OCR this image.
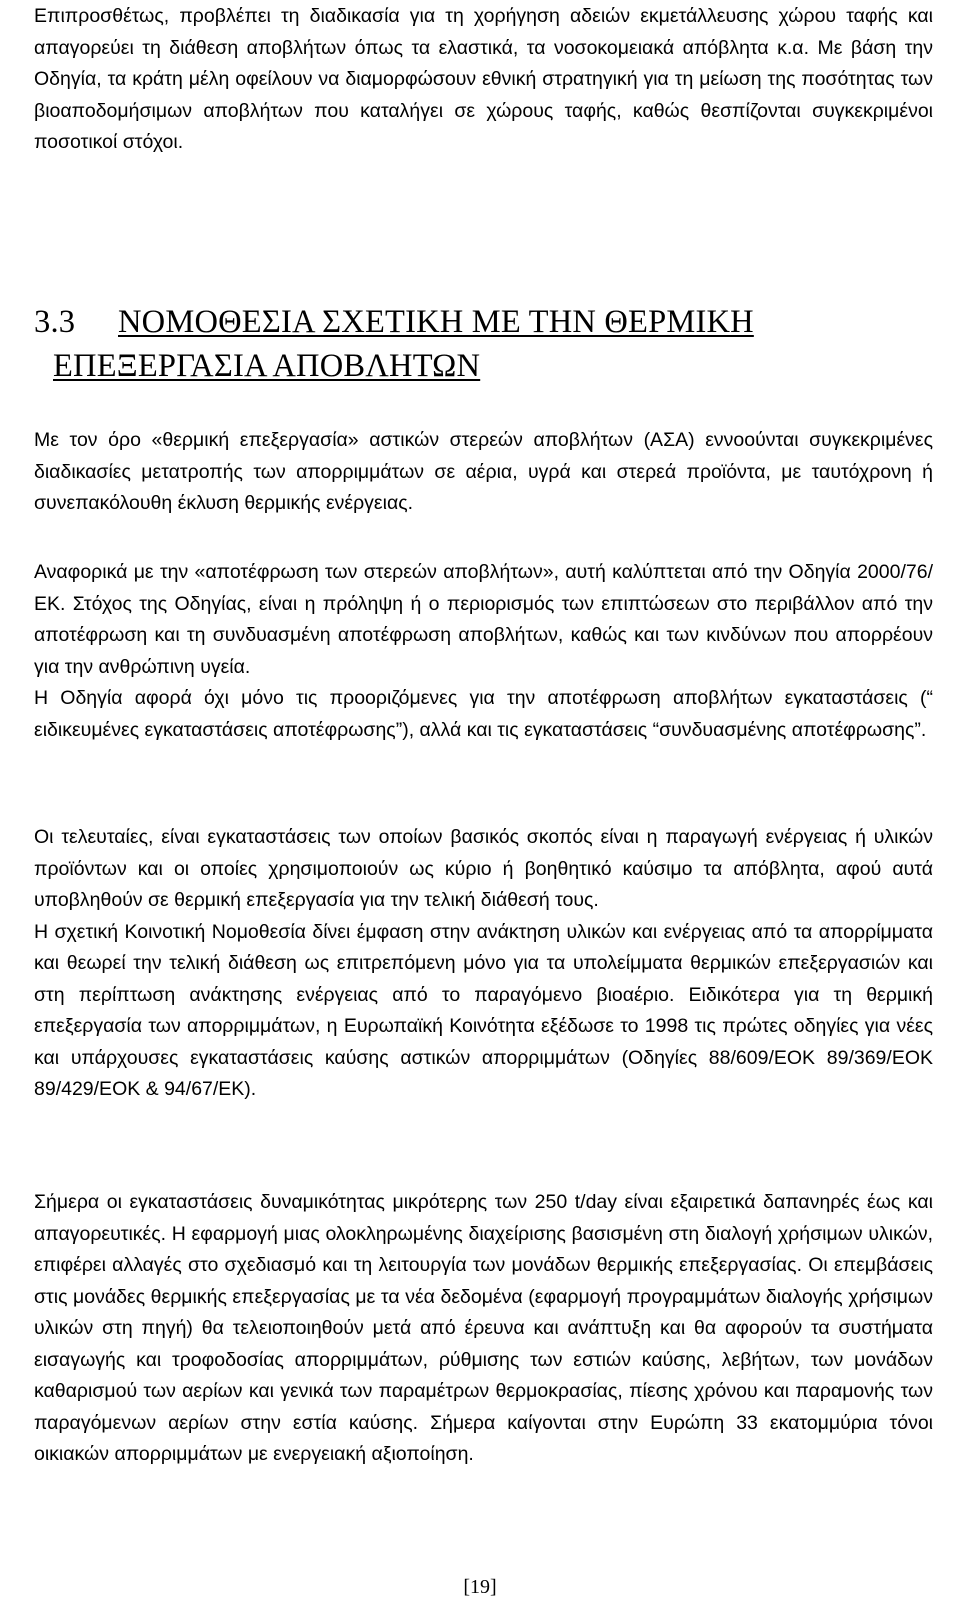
Επιπροσθέτως, προβλέπει τη διαδικασία για τη χορήγηση αδειών εκμετάλλευσης χώρου ταφής και απαγορεύει τη διάθεση αποβλήτων όπως τα ελαστικά, τα νοσοκομειακά απόβλητα κ.α. Με βάση την Οδηγία, τα κράτη μέλη οφείλουν να διαμορφώσουν εθνική στρατηγική για τη μείωση της ποσότητας των βιοαποδομήσιμων αποβλήτων που καταλήγει σε χώρους ταφής, καθώς θεσπίζονται συγκεκριμένοι ποσοτικοί στόχοι.

3.3 ΝΟΜΟΘΕΣΙΑ ΣΧΕΤΙΚΗ ΜΕ ΤΗΝ ΘΕΡΜΙΚΗ
ΕΠΕΞΕΡΓΑΣΙΑ ΑΠΟΒΛΗΤΩΝ

Με τον όρο «θερμική επεξεργασία» αστικών στερεών αποβλήτων (ΑΣΑ) εννοούνται συγκεκριμένες διαδικασίες μετατροπής των απορριμμάτων σε αέρια, υγρά και στερεά προϊόντα, με ταυτόχρονη ή συνεπακόλουθη έκλυση θερμικής ενέργειας.

Αναφορικά με την «αποτέφρωση των στερεών αποβλήτων», αυτή καλύπτεται από την Οδηγία 2000/76/ΕΚ. Στόχος της Οδηγίας, είναι η πρόληψη ή ο περιορισμός των επιπτώσεων στο περιβάλλον από την αποτέφρωση και τη συνδυασμένη αποτέφρωση αποβλήτων, καθώς και των κινδύνων που απορρέουν για την ανθρώπινη υγεία.

Η Οδηγία αφορά όχι μόνο τις προοριζόμενες για την αποτέφρωση αποβλήτων εγκαταστάσεις (“ ειδικευμένες εγκαταστάσεις αποτέφρωσης”), αλλά και τις εγκαταστάσεις “συνδυασμένης αποτέφρωσης”.

Οι τελευταίες, είναι εγκαταστάσεις των οποίων βασικός σκοπός είναι η παραγωγή ενέργειας ή υλικών προϊόντων και οι οποίες χρησιμοποιούν ως κύριο ή βοηθητικό καύσιμο τα απόβλητα, αφού αυτά υποβληθούν σε θερμική επεξεργασία για την τελική διάθεσή τους.

Η σχετική Κοινοτική Νομοθεσία δίνει έμφαση στην ανάκτηση υλικών και ενέργειας από τα απορρίμματα και θεωρεί την τελική διάθεση ως επιτρεπόμενη μόνο για τα υπολείμματα θερμικών επεξεργασιών και στη περίπτωση ανάκτησης ενέργειας από το παραγόμενο βιοαέριο. Ειδικότερα για τη θερμική επεξεργασία των απορριμμάτων, η Ευρωπαϊκή Κοινότητα εξέδωσε το 1998 τις πρώτες οδηγίες για νέες και υπάρχουσες εγκαταστάσεις καύσης αστικών απορριμμάτων (Οδηγίες 88/609/ΕΟΚ 89/369/ΕΟΚ 89/429/ΕΟΚ & 94/67/ΕΚ).

Σήμερα οι εγκαταστάσεις δυναμικότητας μικρότερης των 250 t/day είναι εξαιρετικά δαπανηρές έως και απαγορευτικές. Η εφαρμογή μιας ολοκληρωμένης διαχείρισης βασισμένη στη διαλογή χρήσιμων υλικών, επιφέρει αλλαγές στο σχεδιασμό και τη λειτουργία των μονάδων θερμικής επεξεργασίας. Οι επεμβάσεις στις μονάδες θερμικής επεξεργασίας με τα νέα δεδομένα (εφαρμογή προγραμμάτων διαλογής χρήσιμων υλικών στη πηγή) θα τελειοποιηθούν μετά από έρευνα και ανάπτυξη και θα αφορούν τα συστήματα εισαγωγής και τροφοδοσίας απορριμμάτων, ρύθμισης των εστιών καύσης, λεβήτων, των μονάδων καθαρισμού των αερίων και γενικά των παραμέτρων θερμοκρασίας, πίεσης χρόνου και παραμονής των παραγόμενων αερίων στην εστία καύσης. Σήμερα καίγονται στην Ευρώπη 33 εκατομμύρια τόνοι οικιακών απορριμμάτων με ενεργειακή αξιοποίηση.

[19]
